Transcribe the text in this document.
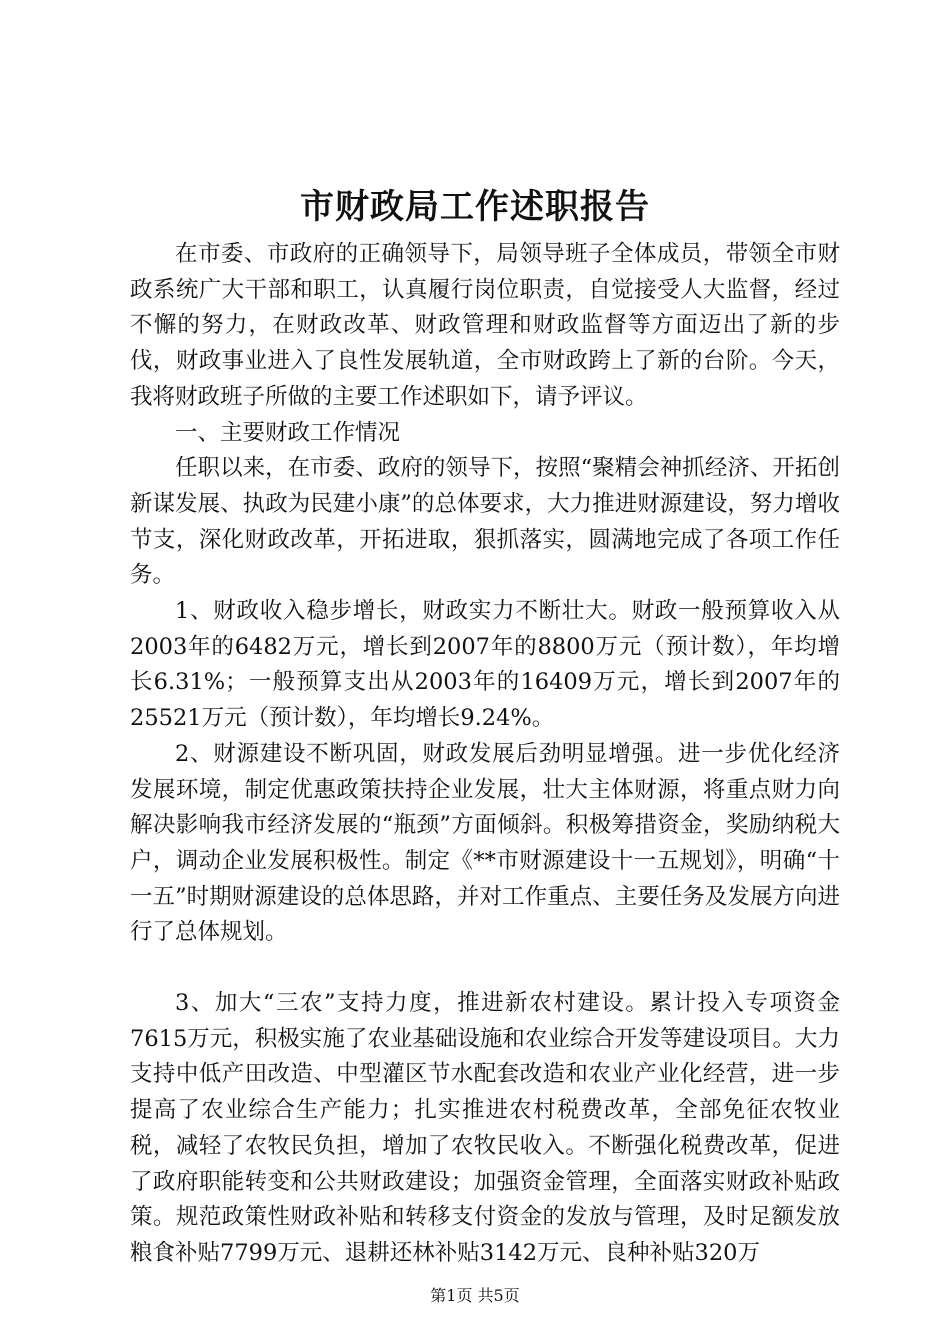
市财政局工作述职报告

在市委、市政府的正确领导下，局领导班子全体成员，带领全市财政系统广大干部和职工，认真履行岗位职责，自觉接受人大监督，经过不懈的努力，在财政改革、财政管理和财政监督等方面迈出了新的步伐，财政事业进入了良性发展轨道，全市财政跨上了新的台阶。今天，我将财政班子所做的主要工作述职如下，请予评议。

一、主要财政工作情况

任职以来，在市委、政府的领导下，按照“聚精会神抓经济、开拓创新谋发展、执政为民建小康”的总体要求，大力推进财源建设，努力增收节支，深化财政改革，开拓进取，狠抓落实，圆满地完成了各项工作任务。

1、财政收入稳步增长，财政实力不断壮大。财政一般预算收入从2003年的6482万元，增长到2007年的8800万元（预计数），年均增长6.31%；一般预算支出从2003年的16409万元，增长到2007年的25521万元（预计数），年均增长9.24%。

2、财源建设不断巩固，财政发展后劲明显增强。进一步优化经济发展环境，制定优惠政策扶持企业发展，壮大主体财源，将重点财力向解决影响我市经济发展的“瓶颈”方面倾斜。积极筹措资金，奖励纳税大户，调动企业发展积极性。制定《**市财源建设十一五规划》，明确“十一五”时期财源建设的总体思路，并对工作重点、主要任务及发展方向进行了总体规划。

3、加大“三农”支持力度，推进新农村建设。累计投入专项资金7615万元，积极实施了农业基础设施和农业综合开发等建设项目。大力支持中低产田改造、中型灌区节水配套改造和农业产业化经营，进一步提高了农业综合生产能力；扎实推进农村税费改革，全部免征农牧业税，减轻了农牧民负担，增加了农牧民收入。不断强化税费改革，促进了政府职能转变和公共财政建设；加强资金管理，全面落实财政补贴政策。规范政策性财政补贴和转移支付资金的发放与管理，及时足额发放粮食补贴7799万元、退耕还林补贴3142万元、良种补贴320万

第1页 共5页
